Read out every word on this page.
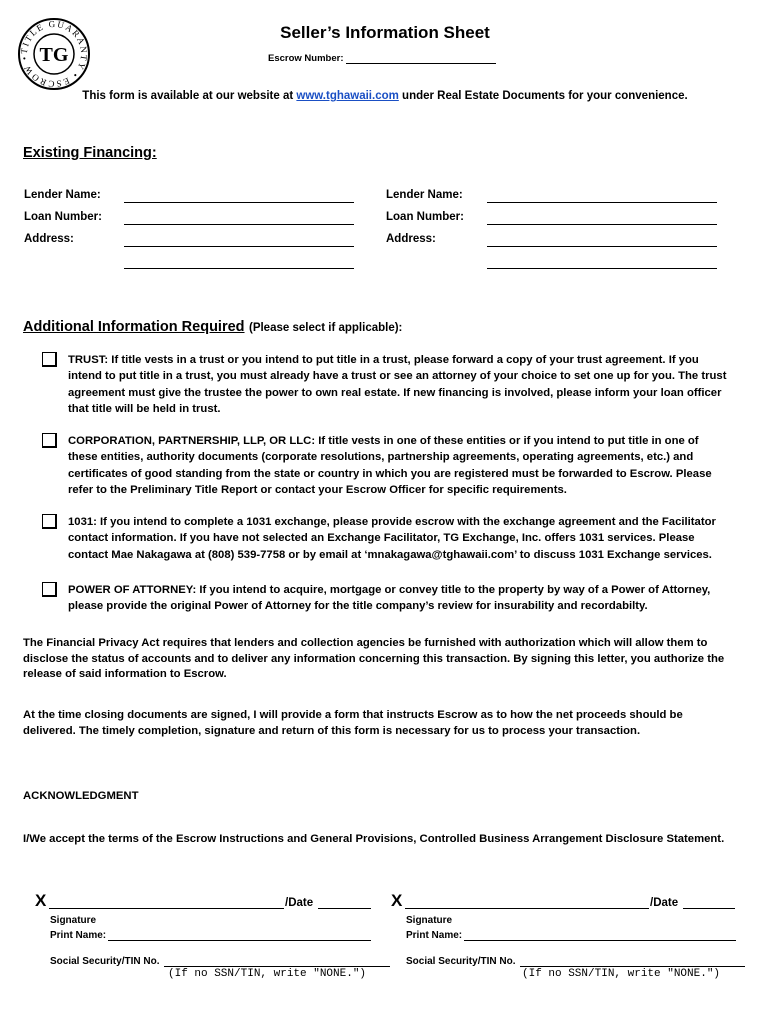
TITLE GUARANTY • ESCROW • TG
Seller’s Information Sheet
Escrow Number:
This form is available at our website at www.tghawaii.com under Real Estate Documents for your convenience.
Existing Financing:
Lender Name:
Loan Number:
Address:
Lender Name:
Loan Number:
Address:
Additional Information Required (Please select if applicable):
TRUST: If title vests in a trust or you intend to put title in a trust, please forward a copy of your trust agreement. If you
intend to put title in a trust, you must already have a trust or see an attorney of your choice to set one up for you. The trust
agreement must give the trustee the power to own real estate. If new financing is involved, please inform your loan officer
that title will be held in trust.
CORPORATION, PARTNERSHIP, LLP, OR LLC: If title vests in one of these entities or if you intend to put title in one of
these entities, authority documents (corporate resolutions, partnership agreements, operating agreements, etc.) and
certificates of good standing from the state or country in which you are registered must be forwarded to Escrow. Please
refer to the Preliminary Title Report or contact your Escrow Officer for specific requirements.
1031: If you intend to complete a 1031 exchange, please provide escrow with the exchange agreement and the Facilitator
contact information. If you have not selected an Exchange Facilitator, TG Exchange, Inc. offers 1031 services. Please
contact Mae Nakagawa at (808) 539-7758 or by email at ‘mnakagawa@tghawaii.com’ to discuss 1031 Exchange services.
POWER OF ATTORNEY: If you intend to acquire, mortgage or convey title to the property by way of a Power of Attorney,
please provide the original Power of Attorney for the title company’s review for insurability and recordabilty.
The Financial Privacy Act requires that lenders and collection agencies be furnished with authorization which will allow them to
disclose the status of accounts and to deliver any information concerning this transaction. By signing this letter, you authorize the
release of said information to Escrow.
At the time closing documents are signed, I will provide a form that instructs Escrow as to how the net proceeds should be
delivered. The timely completion, signature and return of this form is necessary for us to process your transaction.
ACKNOWLEDGMENT
I/We accept the terms of the Escrow Instructions and General Provisions, Controlled Business Arrangement Disclosure Statement.
X	/Date
Signature
Print Name:
Social Security/TIN No.
(If no SSN/TIN, write "NONE.")
X	/Date
Signature
Print Name:
Social Security/TIN No.
(If no SSN/TIN, write "NONE.")
